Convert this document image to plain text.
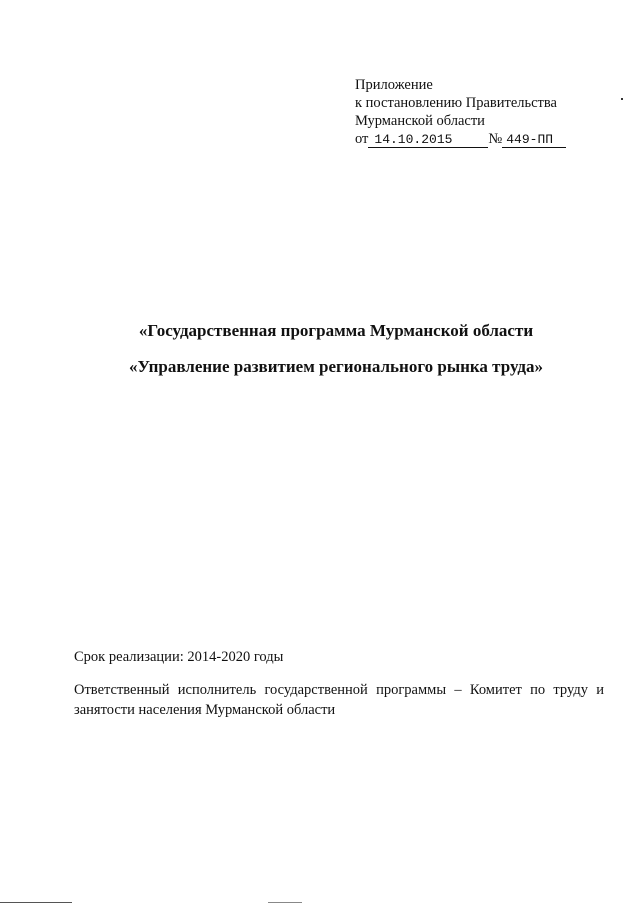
Приложение
к постановлению Правительства
Мурманской области
от 14.10.2015 № 449-ПП
«Государственная программа Мурманской области
«Управление развитием регионального рынка труда»
Срок реализации: 2014-2020 годы
Ответственный исполнитель государственной программы – Комитет по труду и занятости населения Мурманской области
